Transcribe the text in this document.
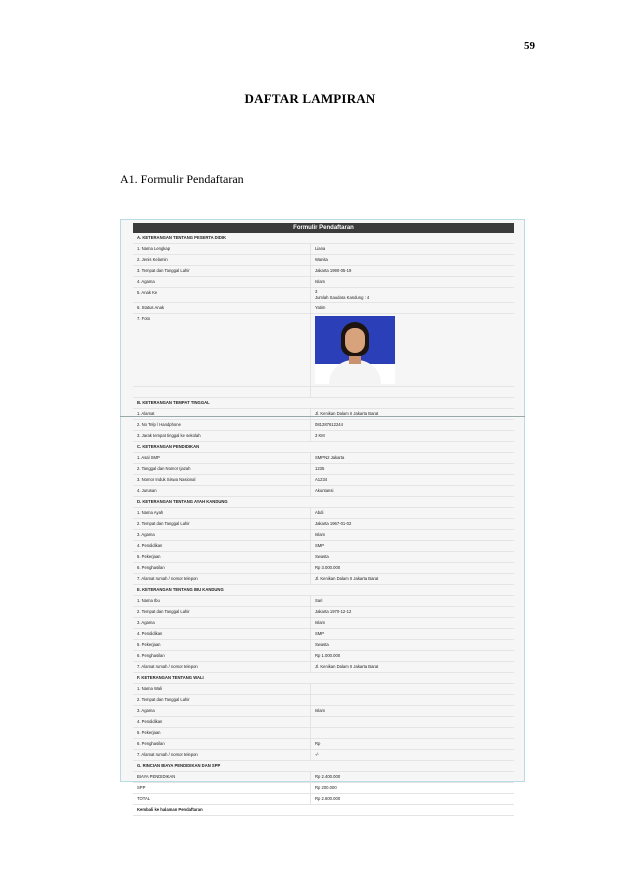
59
DAFTAR LAMPIRAN
A1. Formulir Pendaftaran
Formulir Pendaftaran
A. KETERANGAN TENTANG PESERTA DIDIK
1. Nama Lengkap	Liana
2. Jenis Kelamin	Wanita
3. Tempat dan Tanggal Lahir	Jakarta 1990-05-19
4. Agama	Islam
5. Anak Ke	3
Jumlah Saudara Kandung : 4
6. Status Anak	Yatim
7. Foto
B. KETERANGAN TEMPAT TINGGAL
1. Alamat	Jl. Kenikan Dalam II Jakarta Barat
2. No Telp / Handphone	081287612244
3. Jarak tempat tinggal ke sekolah	3 KM
C. KETERANGAN PENDIDIKAN
1. Asal SMP	SMPN2 Jakarta
2. Tanggal dan Nomor Ijazah	1235
3. Nomor Induk Siswa Nasional	A1234
4. Jurusan	Akuntansi
D. KETERANGAN TENTANG AYAH KANDUNG
1. Nama Ayah	Abdi
2. Tempat dan Tanggal Lahir	Jakarta 1967-01-02
3. Agama	Islam
4. Pendidikan	SMP
5. Pekerjaan	Swasta
6. Penghasilan	Rp 3.000.000
7. Alamat rumah / nomor telepon	Jl. Kenikan Dalam II Jakarta Barat
E. KETERANGAN TENTANG IBU KANDUNG
1. Nama Ibu	Sari
2. Tempat dan Tanggal Lahir	Jakarta 1970-12-12
3. Agama	Islam
4. Pendidikan	SMP
5. Pekerjaan	Swasta
6. Penghasilan	Rp 1.000.000
7. Alamat rumah / nomor telepon	Jl. Kenikan Dalam II Jakarta Barat
F. KETERANGAN TENTANG WALI
1. Nama Wali
2. Tempat dan Tanggal Lahir
3. Agama	Islam
4. Pendidikan
5. Pekerjaan
6. Penghasilan	Rp
7. Alamat rumah / nomor telepon	-/-
G. RINCIAN BIAYA PENDIDIKAN DAN SPP
BIAYA PENDIDIKAN	Rp 2.400.000
SPP	Rp 200.000
TOTAL	Rp 2.600.000
Kembali ke halaman Pendaftaran
